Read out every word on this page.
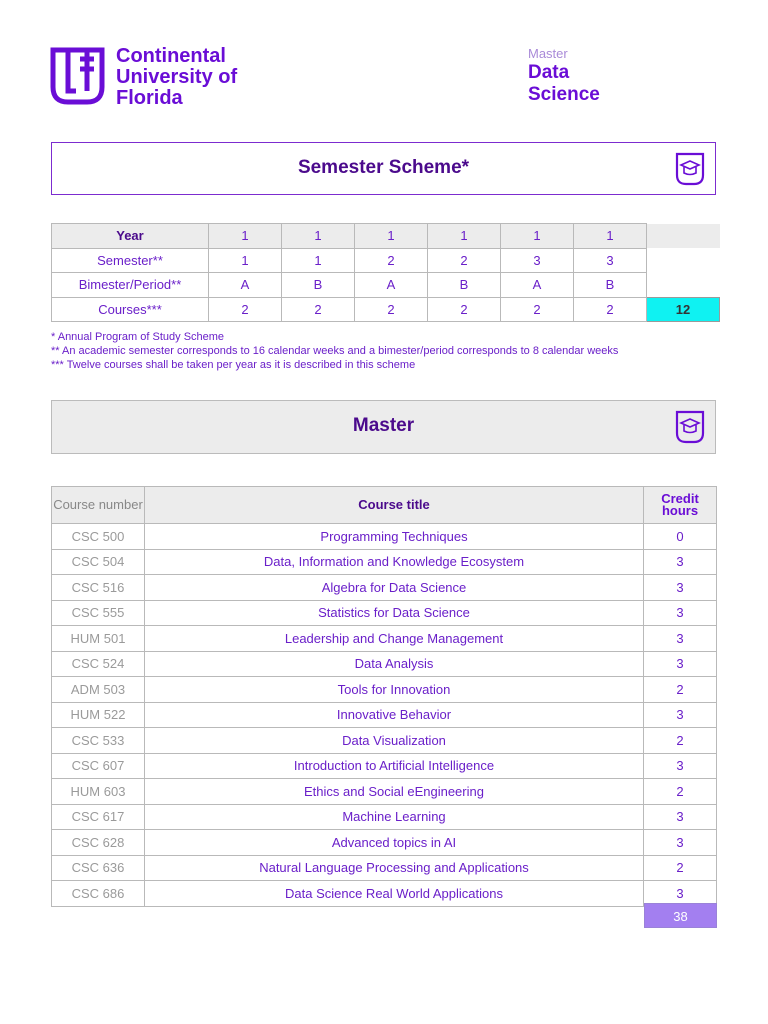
Continental
University of
Florida
Master
Data
Science
Semester Scheme*
Year	1	1	1	1	1	1	
Semester**	1	1	2	2	3	3	
Bimester/Period**	A	B	A	B	A	B	
Courses***	2	2	2	2	2	2	12
* Annual Program of Study Scheme
** An academic semester corresponds to 16 calendar weeks and a bimester/period corresponds to 8 calendar weeks
*** Twelve courses shall be taken per year as it is described in this scheme
Master
Course number	Course title	Credit hours
CSC 500	Programming Techniques	0
CSC 504	Data, Information and Knowledge Ecosystem	3
CSC 516	Algebra for Data Science	3
CSC 555	Statistics for Data Science	3
HUM 501	Leadership and Change Management	3
CSC 524	Data Analysis	3
ADM 503	Tools for Innovation	2
HUM 522	Innovative Behavior	3
CSC 533	Data Visualization	2
CSC 607	Introduction to Artificial Intelligence	3
HUM 603	Ethics and Social eEngineering	2
CSC 617	Machine Learning	3
CSC 628	Advanced topics in AI	3
CSC 636	Natural Language Processing and Applications	2
CSC 686	Data Science Real World Applications	3
38
